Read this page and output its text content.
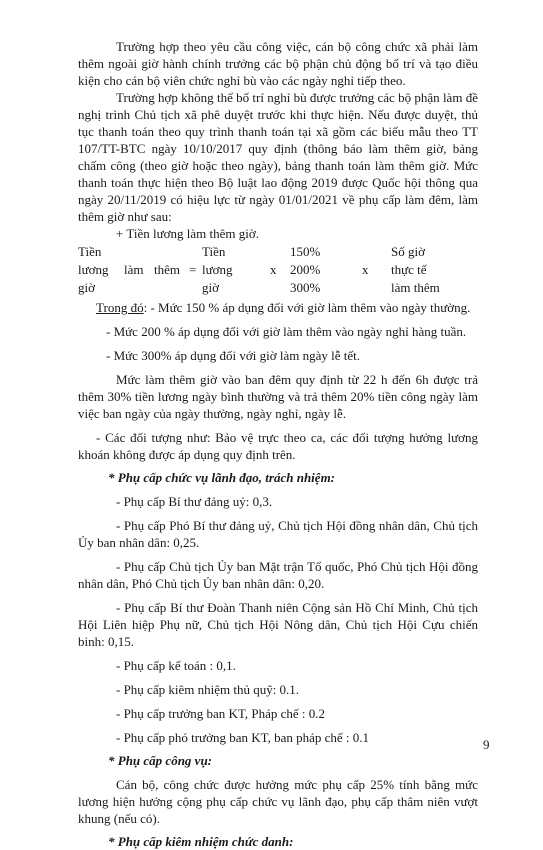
Trường hợp theo yêu cầu công việc, cán bộ công chức xã phải làm thêm ngoài giờ hành chính trưởng các bộ phận chủ động bố trí và tạo điều kiện cho cán bộ viên chức nghỉ bù vào các ngày nghỉ tiếp theo.

Trường hợp không thể bố trí nghỉ bù được trưởng các bộ phận làm đề nghị trình Chủ tịch xã phê duyệt trước khi thực hiện. Nếu được duyệt, thủ tục thanh toán theo quy trình thanh toán tại xã gồm các biểu mẫu theo TT 107/TT-BTC ngày 10/10/2017 quy định (thông báo làm thêm giờ, bảng chấm công (theo giờ hoặc theo ngày), bảng thanh toán làm thêm giờ. Mức thanh toán thực hiện theo Bộ luật lao động 2019 được Quốc hội thông qua ngày 20/11/2019 có hiệu lực từ ngày 01/01/2021 về phụ cấp làm đêm, làm thêm giờ như sau:

+ Tiền lương làm thêm giờ.

Tiền
lương làm thêm
giờ
=
Tiền
lương
giờ
x
150%
200%
300%
x
Số giờ
thực tế
làm thêm

Trong đó: - Mức 150 % áp dụng đối với giờ làm thêm vào ngày thường.

- Mức 200 % áp dụng đối với giờ làm thêm vào ngày nghỉ hàng tuần.

- Mức 300% áp dụng đối với giờ làm ngày lễ tết.

Mức làm thêm giờ vào ban đêm quy định từ 22 h đến 6h được trả thêm 30% tiền lương ngày bình thường và trả thêm 20% tiền công ngày làm việc ban ngày của ngày thường, ngày nghỉ, ngày lễ.

- Các đối tượng như: Bảo vệ trực theo ca, các đối tượng hưởng lương khoán không được áp dụng quy định trên.

* Phụ cấp chức vụ lãnh đạo, trách nhiệm:

- Phụ cấp Bí thư đảng uỷ: 0,3.

- Phụ cấp Phó Bí thư đảng uỷ, Chủ tịch Hội đồng nhân dân, Chủ tịch Ủy ban nhân dân: 0,25.

- Phụ cấp Chủ tịch Ủy ban Mặt trận Tổ quốc, Phó Chủ tịch Hội đồng nhân dân, Phó Chủ tịch Ủy ban nhân dân: 0,20.

- Phụ cấp Bí thư Đoàn Thanh niên Cộng sản Hồ Chí Minh, Chủ tịch Hội Liên hiệp Phụ nữ, Chủ tịch Hội Nông dân, Chủ tịch Hội Cựu chiến binh: 0,15.

- Phụ cấp kế toán : 0,1.

- Phụ cấp kiêm nhiệm thủ quỹ: 0.1.

- Phụ cấp trưởng ban KT, Pháp chế : 0.2

- Phụ cấp phó trưởng ban KT, ban pháp chế : 0.1

* Phụ cấp công vụ:

Cán bộ, công chức được hưởng mức phụ cấp 25% tính bằng mức lương hiện hưởng cộng phụ cấp chức vụ lãnh đạo, phụ cấp thâm niên vượt khung (nếu có).

* Phụ cấp kiêm nhiệm chức danh:

9
